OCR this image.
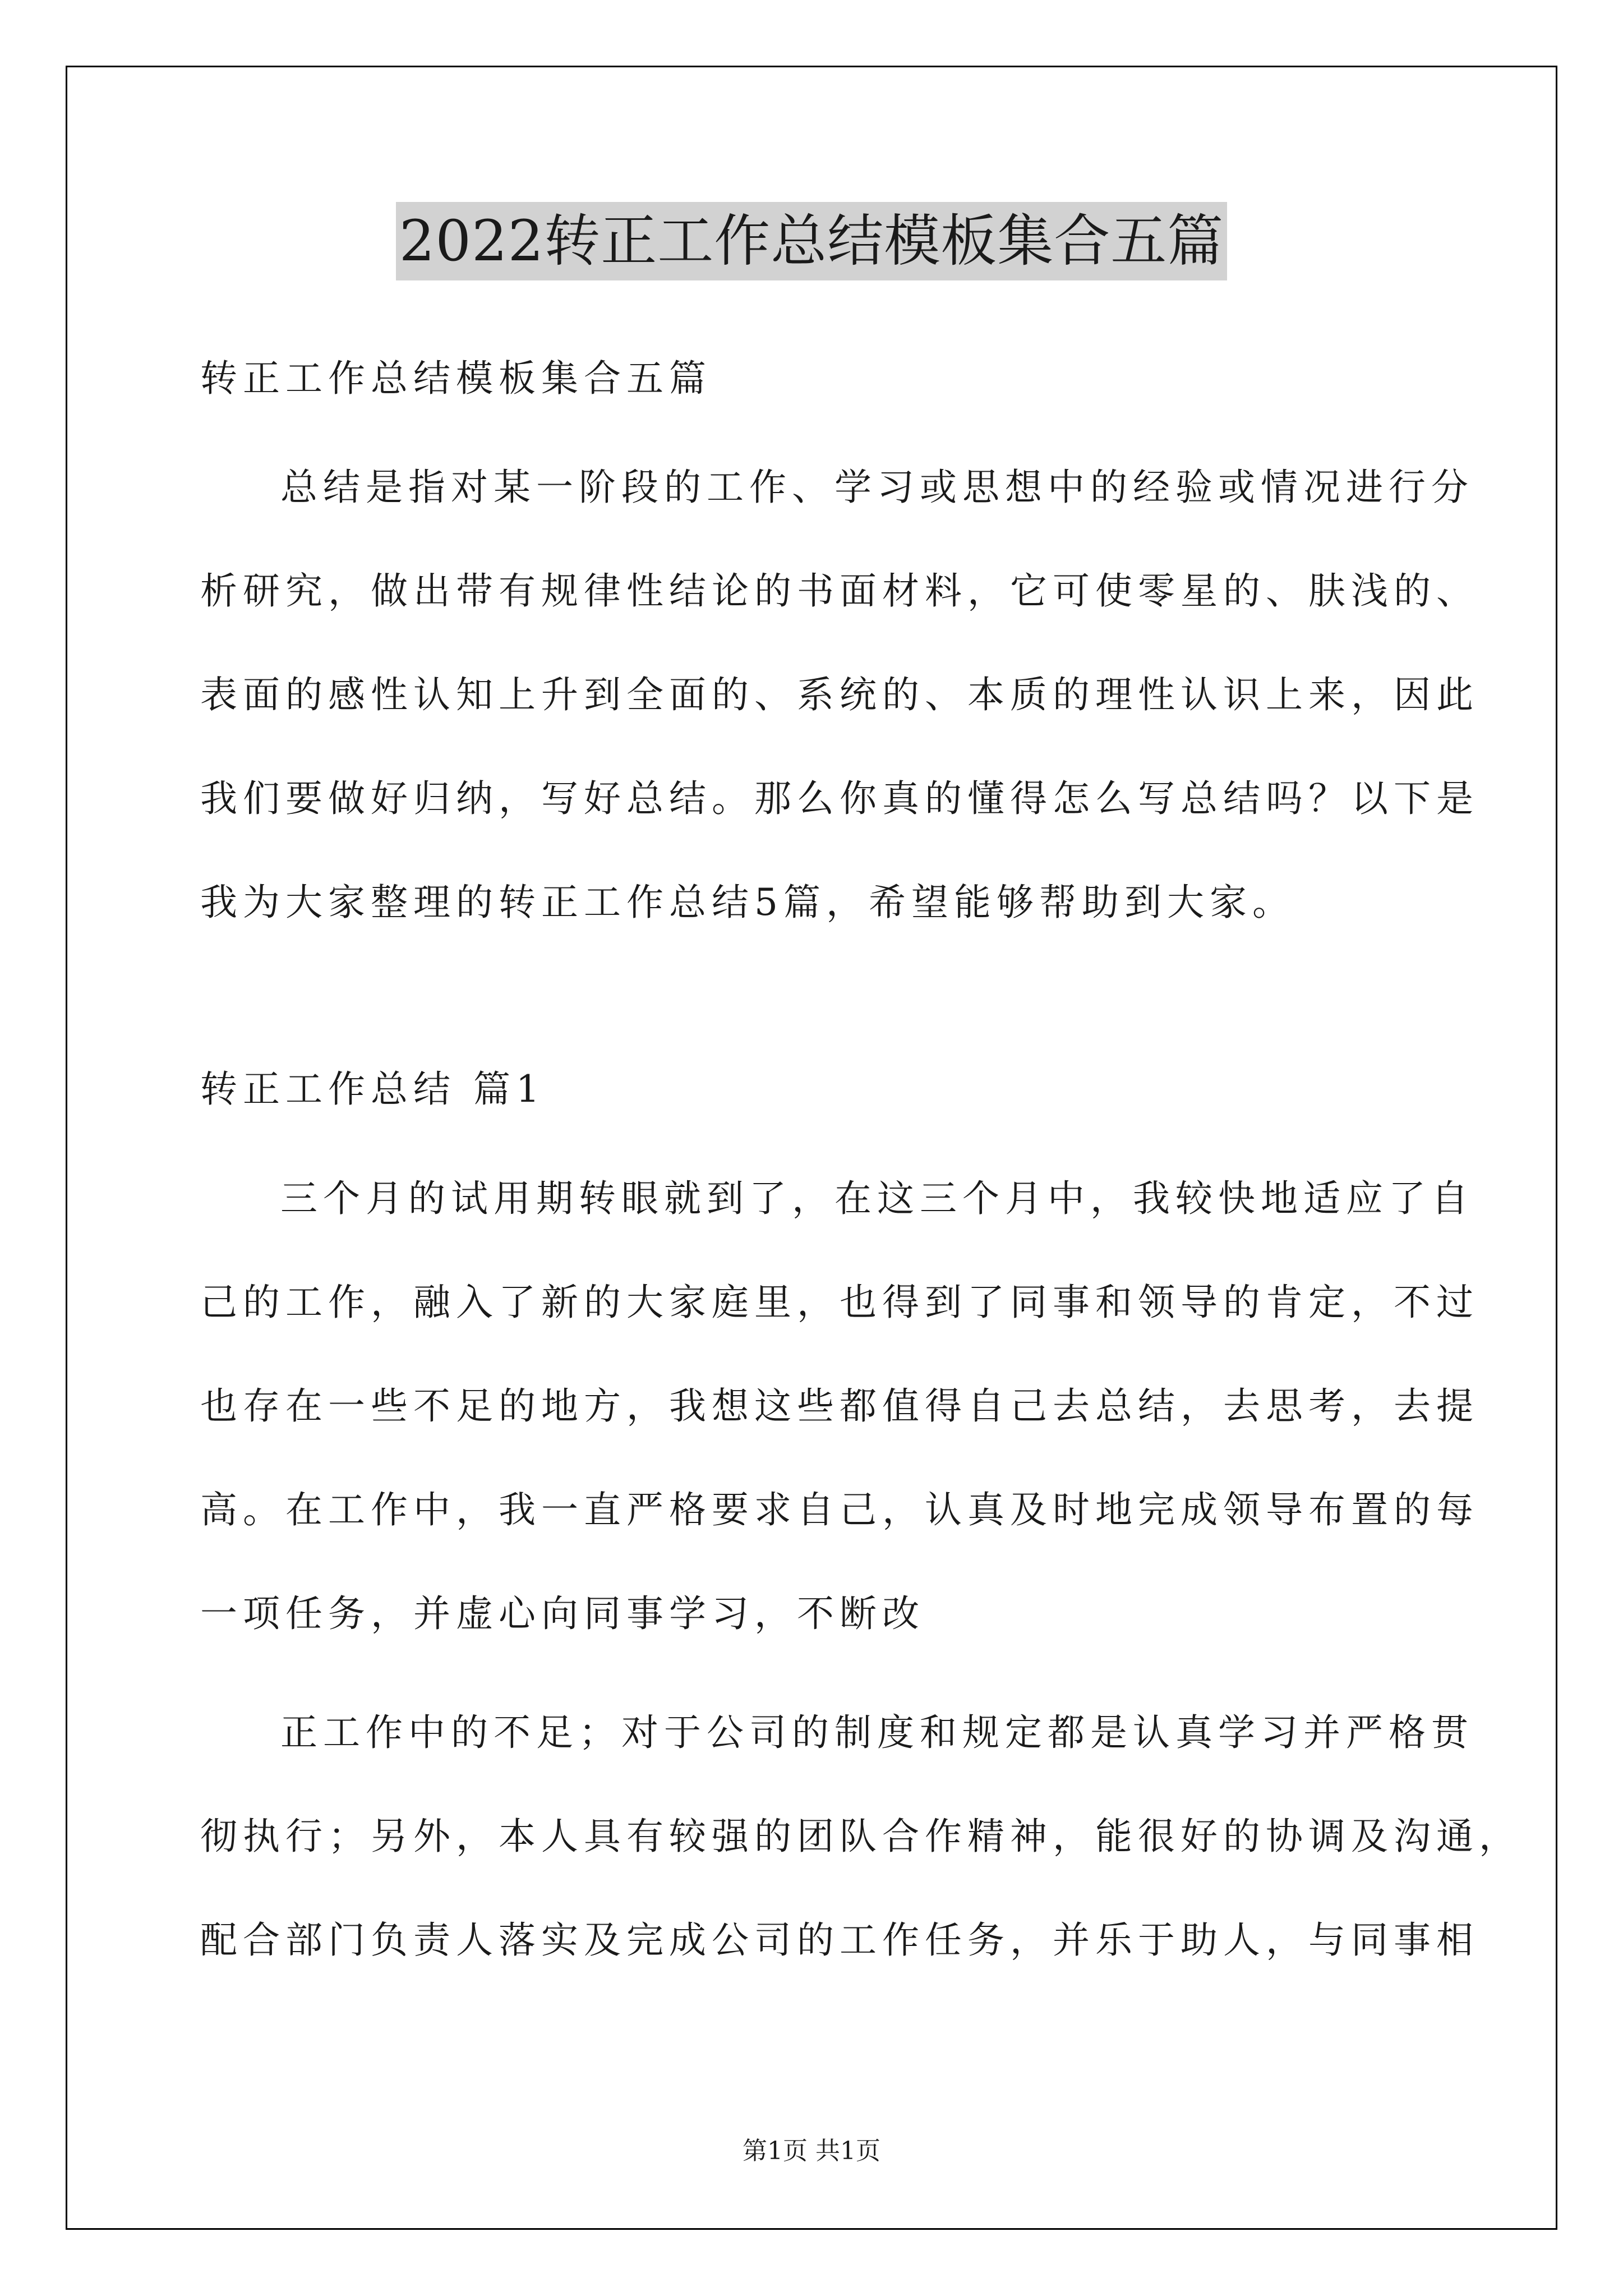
2022转正工作总结模板集合五篇
转正工作总结模板集合五篇
总结是指对某一阶段的工作、学习或思想中的经验或情况进行分
析研究，做出带有规律性结论的书面材料，它可使零星的、肤浅的、
表面的感性认知上升到全面的、系统的、本质的理性认识上来，因此
我们要做好归纳，写好总结。那么你真的懂得怎么写总结吗？以下是
我为大家整理的转正工作总结5篇，希望能够帮助到大家。
转正工作总结 篇1
三个月的试用期转眼就到了，在这三个月中，我较快地适应了自
己的工作，融入了新的大家庭里，也得到了同事和领导的肯定，不过
也存在一些不足的地方，我想这些都值得自己去总结，去思考，去提
高。在工作中，我一直严格要求自己，认真及时地完成领导布置的每
一项任务，并虚心向同事学习，不断改
正工作中的不足；对于公司的制度和规定都是认真学习并严格贯
彻执行；另外，本人具有较强的团队合作精神，能很好的协调及沟通，
配合部门负责人落实及完成公司的工作任务，并乐于助人，与同事相
第1页 共1页
